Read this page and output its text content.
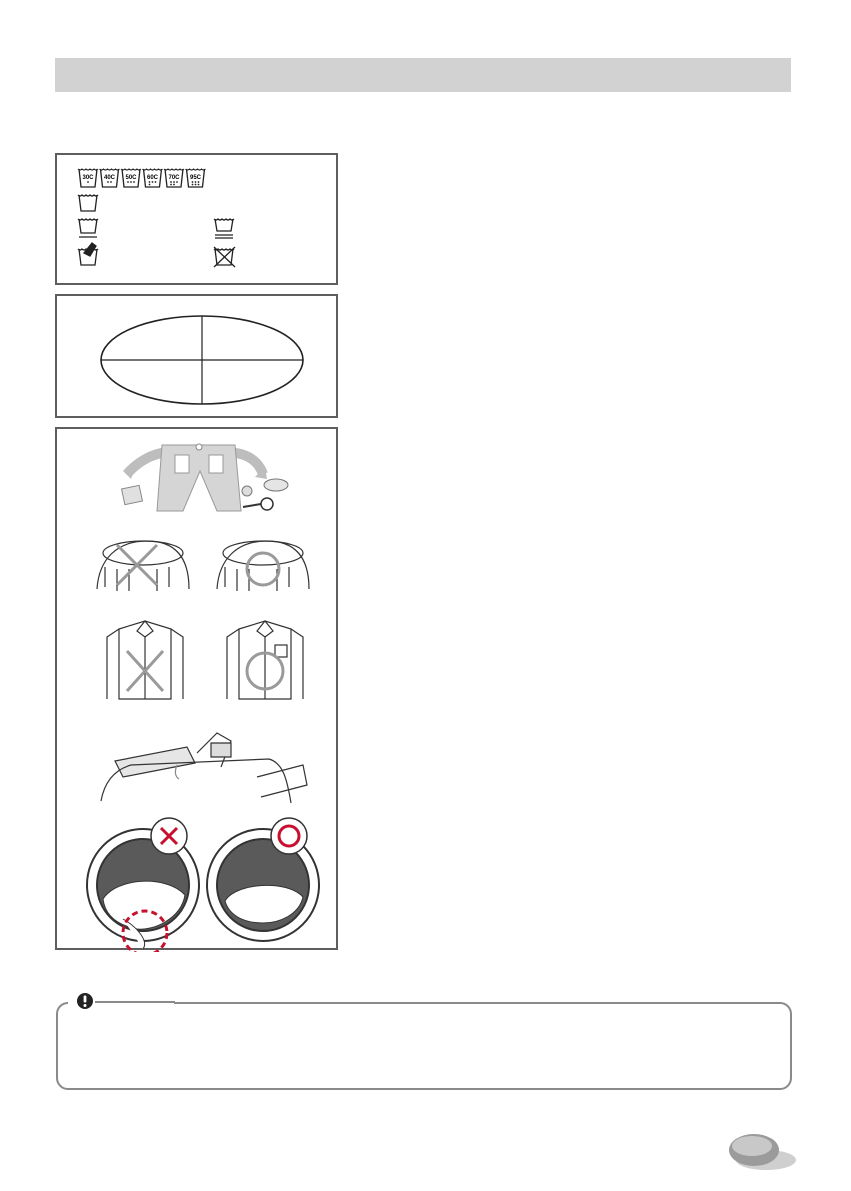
30C 40C 50C 60C 70C 95C
